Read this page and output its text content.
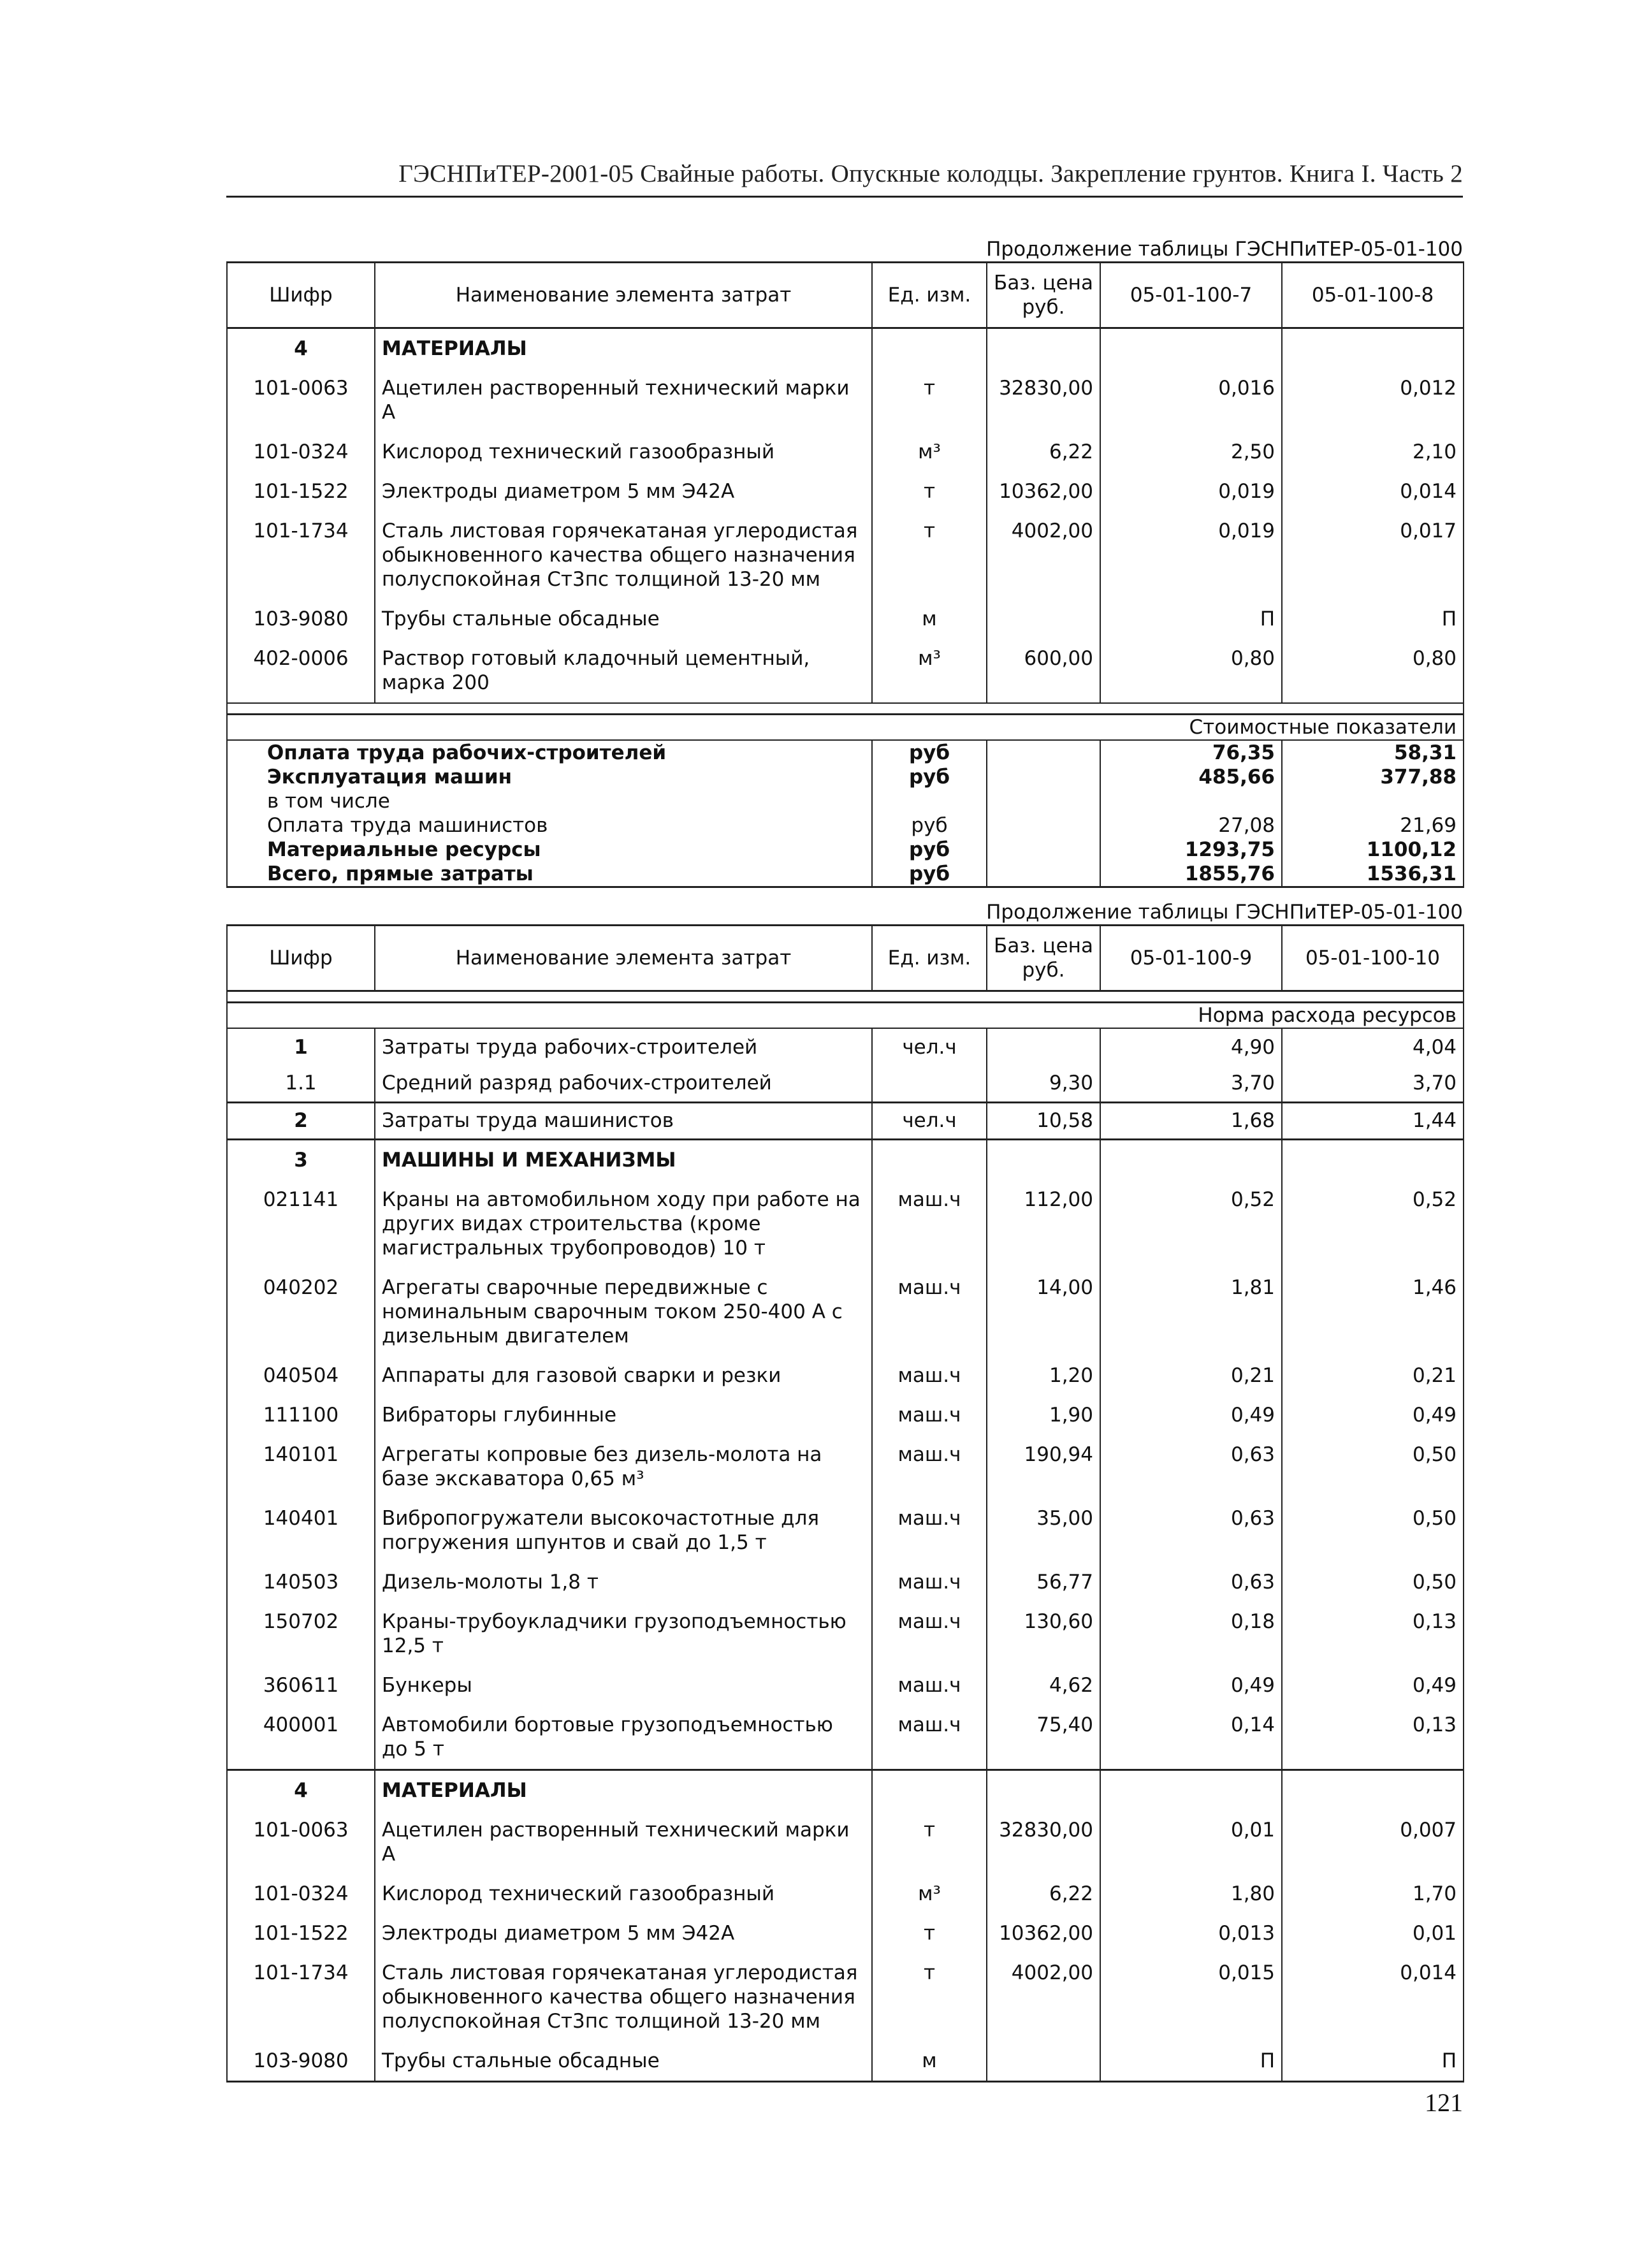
ГЭСНПиТЕР-2001-05 Свайные работы. Опускные колодцы. Закрепление грунтов. Книга I. Часть 2
Продолжение таблицы ГЭСНПиТЕР-05-01-100
Шифр	Наименование элемента затрат	Ед. изм.	Баз. цена руб.	05-01-100-7	05-01-100-8
4	МАТЕРИАЛЫ				
101-0063	Ацетилен растворенный технический марки А	т	32830,00	0,016	0,012
101-0324	Кислород технический газообразный	м³	6,22	2,50	2,10
101-1522	Электроды диаметром 5 мм Э42А	т	10362,00	0,019	0,014
101-1734	Сталь листовая горячекатаная углеродистая обыкновенного качества общего назначения полуспокойная Ст3пс толщиной 13-20 мм	т	4002,00	0,019	0,017
103-9080	Трубы стальные обсадные	м		П	П
402-0006	Раствор готовый кладочный цементный, марка 200	м³	600,00	0,80	0,80

Стоимостные показатели					
Оплата труда рабочих-строителей		руб		76,35	58,31
Эксплуатация машин		руб		485,66	377,88
в том числе					
Оплата труда машинистов		руб		27,08	21,69
Материальные ресурсы		руб		1293,75	1100,12
Всего, прямые затраты		руб		1855,76	1536,31
Продолжение таблицы ГЭСНПиТЕР-05-01-100
Шифр	Наименование элемента затрат	Ед. изм.	Баз. цена руб.	05-01-100-9	05-01-100-10

Норма расхода ресурсов					
1	Затраты труда рабочих-строителей	чел.ч		4,90	4,04
1.1	Средний разряд рабочих-строителей		9,30	3,70	3,70
2	Затраты труда машинистов	чел.ч	10,58	1,68	1,44
3	МАШИНЫ И МЕХАНИЗМЫ				
021141	Краны на автомобильном ходу при работе на других видах строительства (кроме магистральных трубопроводов) 10 т	маш.ч	112,00	0,52	0,52
040202	Агрегаты сварочные передвижные с номинальным сварочным током 250-400 А с дизельным двигателем	маш.ч	14,00	1,81	1,46
040504	Аппараты для газовой сварки и резки	маш.ч	1,20	0,21	0,21
111100	Вибраторы глубинные	маш.ч	1,90	0,49	0,49
140101	Агрегаты копровые без дизель-молота на базе экскаватора 0,65 м³	маш.ч	190,94	0,63	0,50
140401	Вибропогружатели высокочастотные для погружения шпунтов и свай до 1,5 т	маш.ч	35,00	0,63	0,50
140503	Дизель-молоты 1,8 т	маш.ч	56,77	0,63	0,50
150702	Краны-трубоукладчики грузоподъемностью 12,5 т	маш.ч	130,60	0,18	0,13
360611	Бункеры	маш.ч	4,62	0,49	0,49
400001	Автомобили бортовые грузоподъемностью до 5 т	маш.ч	75,40	0,14	0,13
4	МАТЕРИАЛЫ				
101-0063	Ацетилен растворенный технический марки А	т	32830,00	0,01	0,007
101-0324	Кислород технический газообразный	м³	6,22	1,80	1,70
101-1522	Электроды диаметром 5 мм Э42А	т	10362,00	0,013	0,01
101-1734	Сталь листовая горячекатаная углеродистая обыкновенного качества общего назначения полуспокойная Ст3пс толщиной 13-20 мм	т	4002,00	0,015	0,014
103-9080	Трубы стальные обсадные	м		П	П
121
